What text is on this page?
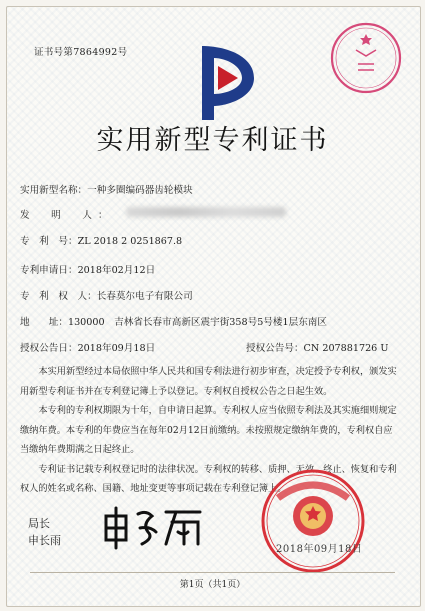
证书号第7864992号
实用新型专利证书
实用新型名称：一种多圈编码器齿轮模块
发　明　人：
专　利　号：ZL 2018 2 0251867.8
专利申请日：2018年02月12日
专　利　权　人：长春莫尔电子有限公司
地　　址：130000　吉林省长春市高新区震宇街358号5号楼1层东南区
授权公告日：2018年09月18日	授权公告号：CN 207881726 U

本实用新型经过本局依照中华人民共和国专利法进行初步审查，决定授予专利权，颁发实用新型专利证书并在专利登记簿上予以登记。专利权自授权公告之日起生效。

本专利的专利权期限为十年，自申请日起算。专利权人应当依照专利法及其实施细则规定缴纳年费。本专利的年费应当在每年02月12日前缴纳。未按照规定缴纳年费的，专利权自应当缴纳年费期满之日起终止。

专利证书记载专利权登记时的法律状况。专利权的转移、质押、无效、终止、恢复和专利权人的姓名或名称、国籍、地址变更等事项记载在专利登记簿上。

局长
申长雨
2018年09月18日
第1页（共1页）
